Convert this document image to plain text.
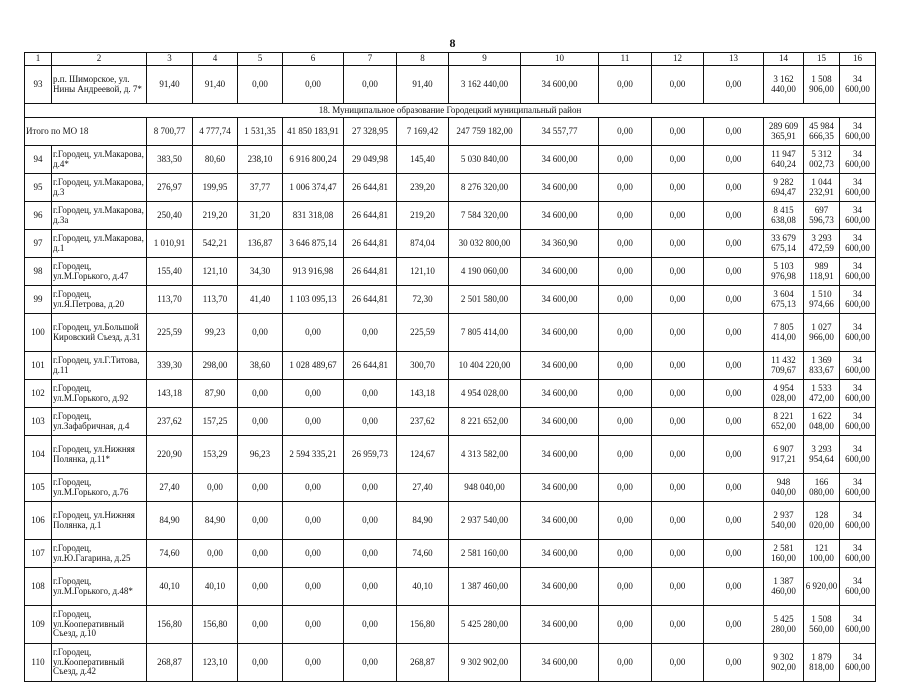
8
1	2	3	4	5	6	7	8	9	10	11	12	13	14	15	16
93	р.п. Шиморское, ул. Нины Андреевой, д. 7*	91,40	91,40	0,00	0,00	0,00	91,40	3 162 440,00	34 600,00	0,00	0,00	0,00	3 162 440,00	1 508 906,00	34 600,00
18. Муниципальное образование Городецкий муниципальный район															
Итого по МО 18		8 700,77	4 777,74	1 531,35	41 850 183,91	27 328,95	7 169,42	247 759 182,00	34 557,77	0,00	0,00	0,00	289 609 365,91	45 984 666,35	34 600,00
94	г.Городец, ул.Макарова, д.4*	383,50	80,60	238,10	6 916 800,24	29 049,98	145,40	5 030 840,00	34 600,00	0,00	0,00	0,00	11 947 640,24	5 312 002,73	34 600,00
95	г.Городец, ул.Макарова, д.3	276,97	199,95	37,77	1 006 374,47	26 644,81	239,20	8 276 320,00	34 600,00	0,00	0,00	0,00	9 282 694,47	1 044 232,91	34 600,00
96	г.Городец, ул.Макарова, д.3а	250,40	219,20	31,20	831 318,08	26 644,81	219,20	7 584 320,00	34 600,00	0,00	0,00	0,00	8 415 638,08	697 596,73	34 600,00
97	г.Городец, ул.Макарова, д.1	1 010,91	542,21	136,87	3 646 875,14	26 644,81	874,04	30 032 800,00	34 360,90	0,00	0,00	0,00	33 679 675,14	3 293 472,59	34 600,00
98	г.Городец, ул.М.Горького, д.47	155,40	121,10	34,30	913 916,98	26 644,81	121,10	4 190 060,00	34 600,00	0,00	0,00	0,00	5 103 976,98	989 118,91	34 600,00
99	г.Городец, ул.Я.Петрова, д.20	113,70	113,70	41,40	1 103 095,13	26 644,81	72,30	2 501 580,00	34 600,00	0,00	0,00	0,00	3 604 675,13	1 510 974,66	34 600,00
100	г.Городец, ул.Большой Кировский Съезд, д.31	225,59	99,23	0,00	0,00	0,00	225,59	7 805 414,00	34 600,00	0,00	0,00	0,00	7 805 414,00	1 027 966,00	34 600,00
101	г.Городец, ул.Г.Титова, д.11	339,30	298,00	38,60	1 028 489,67	26 644,81	300,70	10 404 220,00	34 600,00	0,00	0,00	0,00	11 432 709,67	1 369 833,67	34 600,00
102	г.Городец, ул.М.Горького, д.92	143,18	87,90	0,00	0,00	0,00	143,18	4 954 028,00	34 600,00	0,00	0,00	0,00	4 954 028,00	1 533 472,00	34 600,00
103	г.Городец, ул.Зафабричная, д.4	237,62	157,25	0,00	0,00	0,00	237,62	8 221 652,00	34 600,00	0,00	0,00	0,00	8 221 652,00	1 622 048,00	34 600,00
104	г.Городец, ул.Нижняя Полянка, д.11*	220,90	153,29	96,23	2 594 335,21	26 959,73	124,67	4 313 582,00	34 600,00	0,00	0,00	0,00	6 907 917,21	3 293 954,64	34 600,00
105	г.Городец, ул.М.Горького, д.76	27,40	0,00	0,00	0,00	0,00	27,40	948 040,00	34 600,00	0,00	0,00	0,00	948 040,00	166 080,00	34 600,00
106	г.Городец, ул.Нижняя Полянка, д.1	84,90	84,90	0,00	0,00	0,00	84,90	2 937 540,00	34 600,00	0,00	0,00	0,00	2 937 540,00	128 020,00	34 600,00
107	г.Городец, ул.Ю.Гагарина, д.25	74,60	0,00	0,00	0,00	0,00	74,60	2 581 160,00	34 600,00	0,00	0,00	0,00	2 581 160,00	121 100,00	34 600,00
108	г.Городец, ул.М.Горького, д.48*	40,10	40,10	0,00	0,00	0,00	40,10	1 387 460,00	34 600,00	0,00	0,00	0,00	1 387 460,00	6 920,00	34 600,00
109	г.Городец, ул.Кооперативный Съезд, д.10	156,80	156,80	0,00	0,00	0,00	156,80	5 425 280,00	34 600,00	0,00	0,00	0,00	5 425 280,00	1 508 560,00	34 600,00
110	г.Городец, ул.Кооперативный Съезд, д.42	268,87	123,10	0,00	0,00	0,00	268,87	9 302 902,00	34 600,00	0,00	0,00	0,00	9 302 902,00	1 879 818,00	34 600,00
